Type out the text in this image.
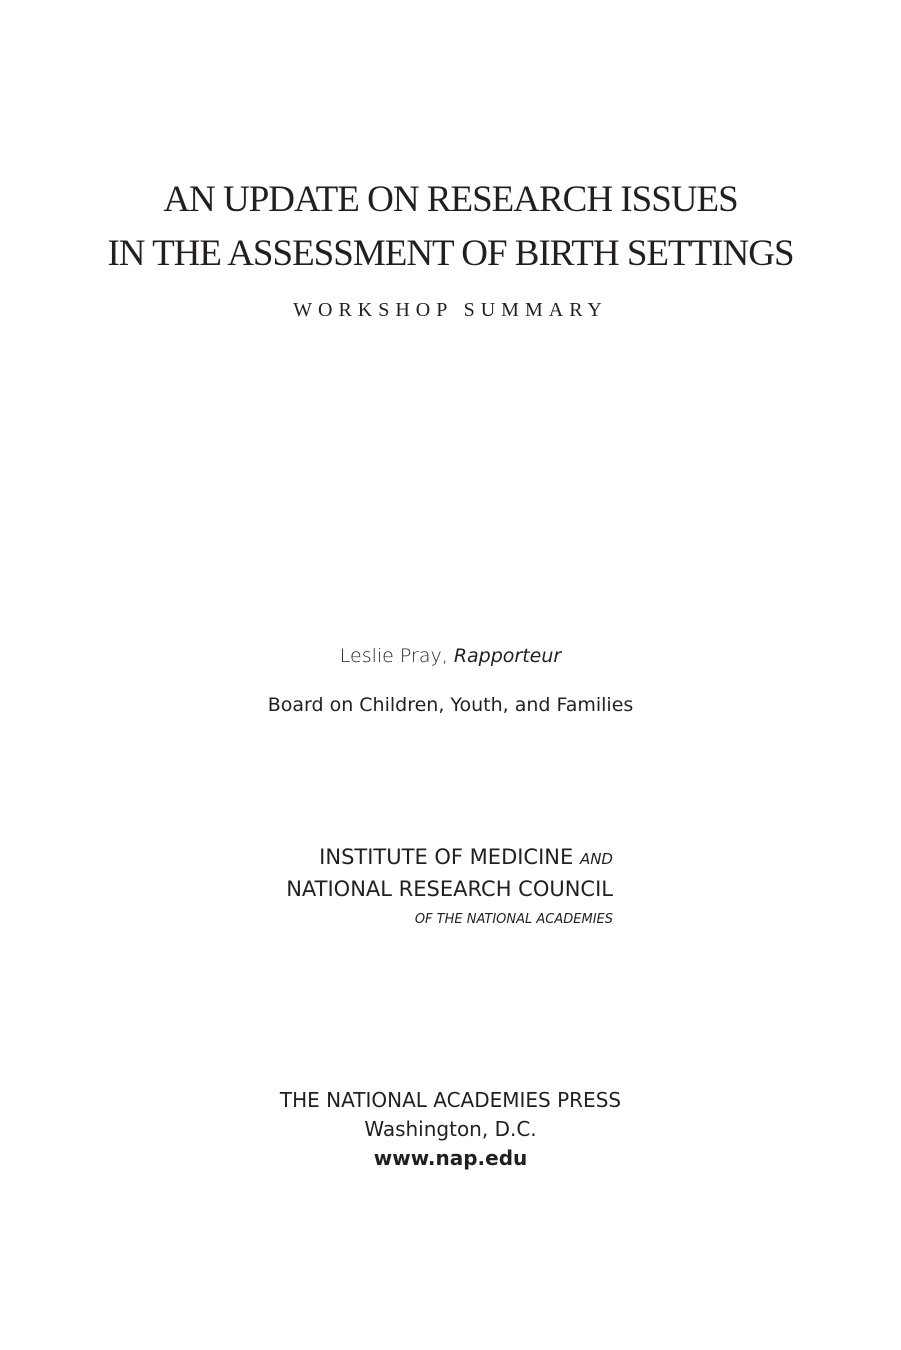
AN UPDATE ON RESEARCH ISSUES
IN THE ASSESSMENT OF BIRTH SETTINGS
WORKSHOP SUMMARY
Leslie Pray, Rapporteur
Board on Children, Youth, and Families
INSTITUTE OF MEDICINE AND
NATIONAL RESEARCH COUNCIL
OF THE NATIONAL ACADEMIES
THE NATIONAL ACADEMIES PRESS
Washington, D.C.
www.nap.edu
